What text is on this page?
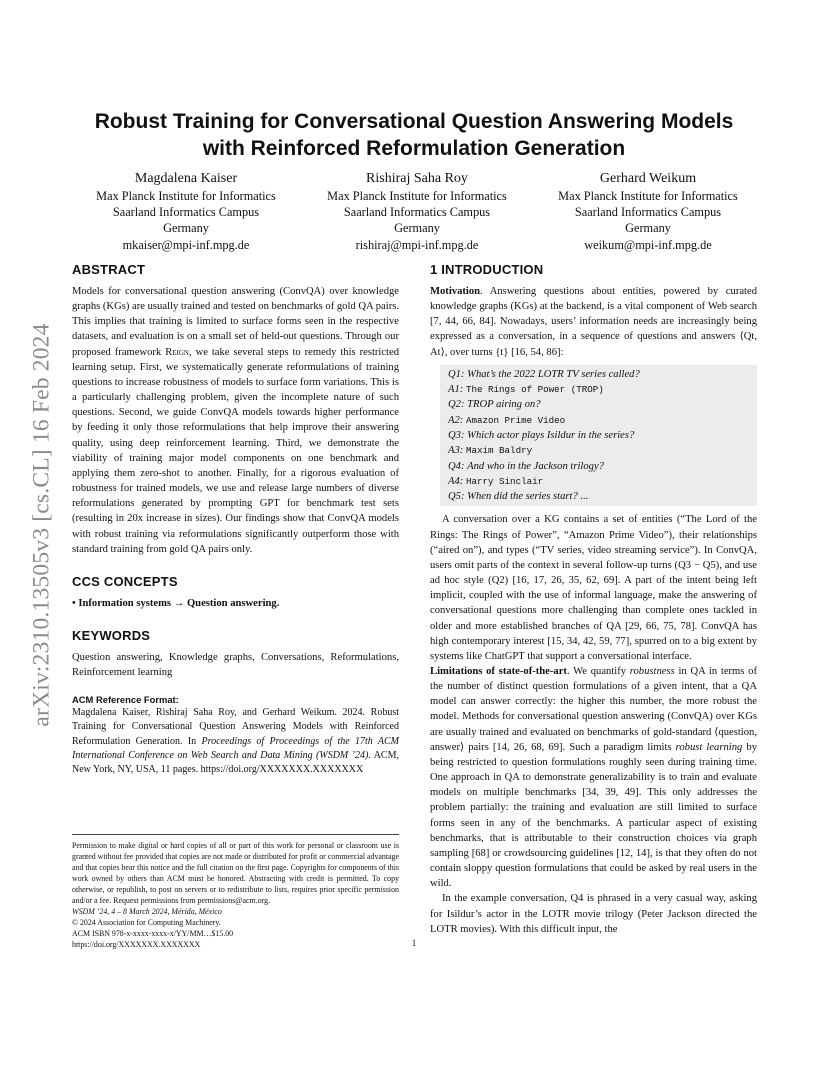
arXiv:2310.13505v3 [cs.CL] 16 Feb 2024
Robust Training for Conversational Question Answering Models
with Reinforced Reformulation Generation
Magdalena Kaiser
Max Planck Institute for Informatics
Saarland Informatics Campus
Germany
mkaiser@mpi-inf.mpg.de
Rishiraj Saha Roy
Max Planck Institute for Informatics
Saarland Informatics Campus
Germany
rishiraj@mpi-inf.mpg.de
Gerhard Weikum
Max Planck Institute for Informatics
Saarland Informatics Campus
Germany
weikum@mpi-inf.mpg.de
ABSTRACT

Models for conversational question answering (ConvQA) over knowledge graphs (KGs) are usually trained and tested on benchmarks of gold QA pairs. This implies that training is limited to surface forms seen in the respective datasets, and evaluation is on a small set of held-out questions. Through our proposed framework Reign, we take several steps to remedy this restricted learning setup. First, we systematically generate reformulations of training questions to increase robustness of models to surface form variations. This is a particularly challenging problem, given the incomplete nature of such questions. Second, we guide ConvQA models towards higher performance by feeding it only those reformulations that help improve their answering quality, using deep reinforcement learning. Third, we demonstrate the viability of training major model components on one benchmark and applying them zero-shot to another. Finally, for a rigorous evaluation of robustness for trained models, we use and release large numbers of diverse reformulations generated by prompting GPT for benchmark test sets (resulting in 20x increase in sizes). Our findings show that ConvQA models with robust training via reformulations significantly outperform those with standard training from gold QA pairs only.

CCS CONCEPTS

• Information systems → Question answering.

KEYWORDS

Question answering, Knowledge graphs, Conversations, Reformulations, Reinforcement learning

ACM Reference Format:

Magdalena Kaiser, Rishiraj Saha Roy, and Gerhard Weikum. 2024. Robust Training for Conversational Question Answering Models with Reinforced Reformulation Generation. In Proceedings of Proceedings of the 17th ACM International Conference on Web Search and Data Mining (WSDM ’24). ACM, New York, NY, USA, 11 pages. https://doi.org/XXXXXXX.XXXXXXX

Permission to make digital or hard copies of all or part of this work for personal or classroom use is granted without fee provided that copies are not made or distributed for profit or commercial advantage and that copies bear this notice and the full citation on the first page. Copyrights for components of this work owned by others than ACM must be honored. Abstracting with credit is permitted. To copy otherwise, or republish, to post on servers or to redistribute to lists, requires prior specific permission and/or a fee. Request permissions from permissions@acm.org.

WSDM ’24, 4 – 8 March 2024, Mérida, México

© 2024 Association for Computing Machinery.

ACM ISBN 978-x-xxxx-xxxx-x/YY/MM…$15.00

https://doi.org/XXXXXXX.XXXXXXX

1 INTRODUCTION

Motivation. Answering questions about entities, powered by curated knowledge graphs (KGs) at the backend, is a vital component of Web search [7, 44, 66, 84]. Nowadays, users’ information needs are increasingly being expressed as a conversation, in a sequence of questions and answers ⟨Qt, At⟩, over turns {t} [16, 54, 86]:

Q1: What’s the 2022 LOTR TV series called?
A1: The Rings of Power (TROP)
Q2: TROP airing on?
A2: Amazon Prime Video
Q3: Which actor plays Isildur in the series?
A3: Maxim Baldry
Q4: And who in the Jackson trilogy?
A4: Harry Sinclair
Q5: When did the series start? ...

A conversation over a KG contains a set of entities (“The Lord of the Rings: The Rings of Power”, “Amazon Prime Video”), their relationships (“aired on”), and types (“TV series, video streaming service”). In ConvQA, users omit parts of the context in several follow-up turns (Q3 − Q5), and use ad hoc style (Q2) [16, 17, 26, 35, 62, 69]. A part of the intent being left implicit, coupled with the use of informal language, make the answering of conversational questions more challenging than complete ones tackled in older and more established branches of QA [29, 66, 75, 78]. ConvQA has high contemporary interest [15, 34, 42, 59, 77], spurred on to a big extent by systems like ChatGPT that support a conversational interface.

Limitations of state-of-the-art. We quantify robustness in QA in terms of the number of distinct question formulations of a given intent, that a QA model can answer correctly: the higher this number, the more robust the model. Methods for conversational question answering (ConvQA) over KGs are usually trained and evaluated on benchmarks of gold-standard ⟨question, answer⟩ pairs [14, 26, 68, 69]. Such a paradigm limits robust learning by being restricted to question formulations roughly seen during training time. One approach in QA to demonstrate generalizability is to train and evaluate models on multiple benchmarks [34, 39, 49]. This only addresses the problem partially: the training and evaluation are still limited to surface forms seen in any of the benchmarks. A particular aspect of existing benchmarks, that is attributable to their construction choices via graph sampling [68] or crowdsourcing guidelines [12, 14], is that they often do not contain sloppy question formulations that could be asked by real users in the wild.

In the example conversation, Q4 is phrased in a very casual way, asking for Isildur’s actor in the LOTR movie trilogy (Peter Jackson directed the LOTR movies). With this difficult input, the

1
